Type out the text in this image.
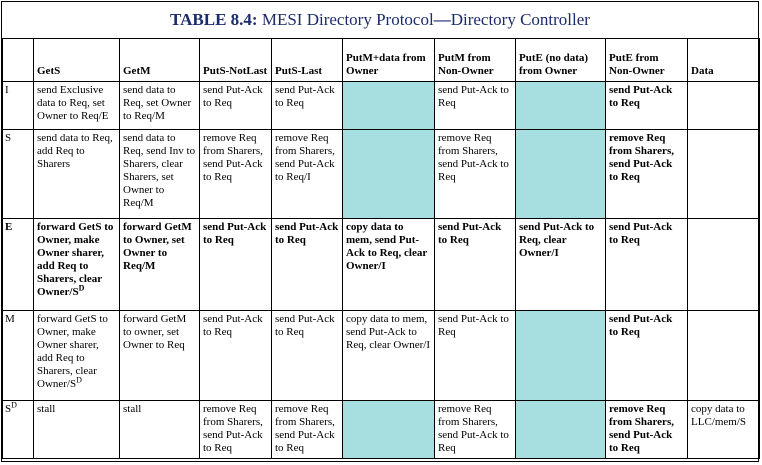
TABLE 8.4: MESI Directory Protocol—Directory Controller
	GetS	GetM	PutS-NotLast	PutS-Last	PutM+data from Owner	PutM from Non-Owner	PutE (no data) from Owner	PutE from Non-Owner	Data
I	send Exclusive data to Req, set Owner to Req/E	send data to Req, set Owner to Req/M	send Put-Ack to Req	send Put-Ack to Req		send Put-Ack to Req		send Put-Ack to Req	
S	send data to Req, add Req to Sharers	send data to Req, send Inv to Sharers, clear Sharers, set Owner to Req/M	remove Req from Sharers, send Put-Ack to Req	remove Req from Sharers, send Put-Ack to Req/I		remove Req from Sharers, send Put-Ack to Req		remove Req from Sharers, send Put-Ack to Req	
E	forward GetS to Owner, make Owner sharer, add Req to Sharers, clear Owner/$S^D$	forward GetM to Owner, set Owner to Req/M	send Put-Ack to Req	send Put-Ack to Req	copy data to mem, send Put-Ack to Req, clear Owner/I	send Put-Ack to Req	send Put-Ack to Req, clear Owner/I	send Put-Ack to Req	
M	forward GetS to Owner, make Owner sharer, add Req to Sharers, clear Owner/$S^D$	forward GetM to owner, set Owner to Req	send Put-Ack to Req	send Put-Ack to Req	copy data to mem, send Put-Ack to Req, clear Owner/I	send Put-Ack to Req		send Put-Ack to Req	
$S^D$	stall	stall	remove Req from Sharers, send Put-Ack to Req	remove Req from Sharers, send Put-Ack to Req		remove Req from Sharers, send Put-Ack to Req		remove Req from Sharers, send Put-Ack to Req	copy data to LLC/mem/S
